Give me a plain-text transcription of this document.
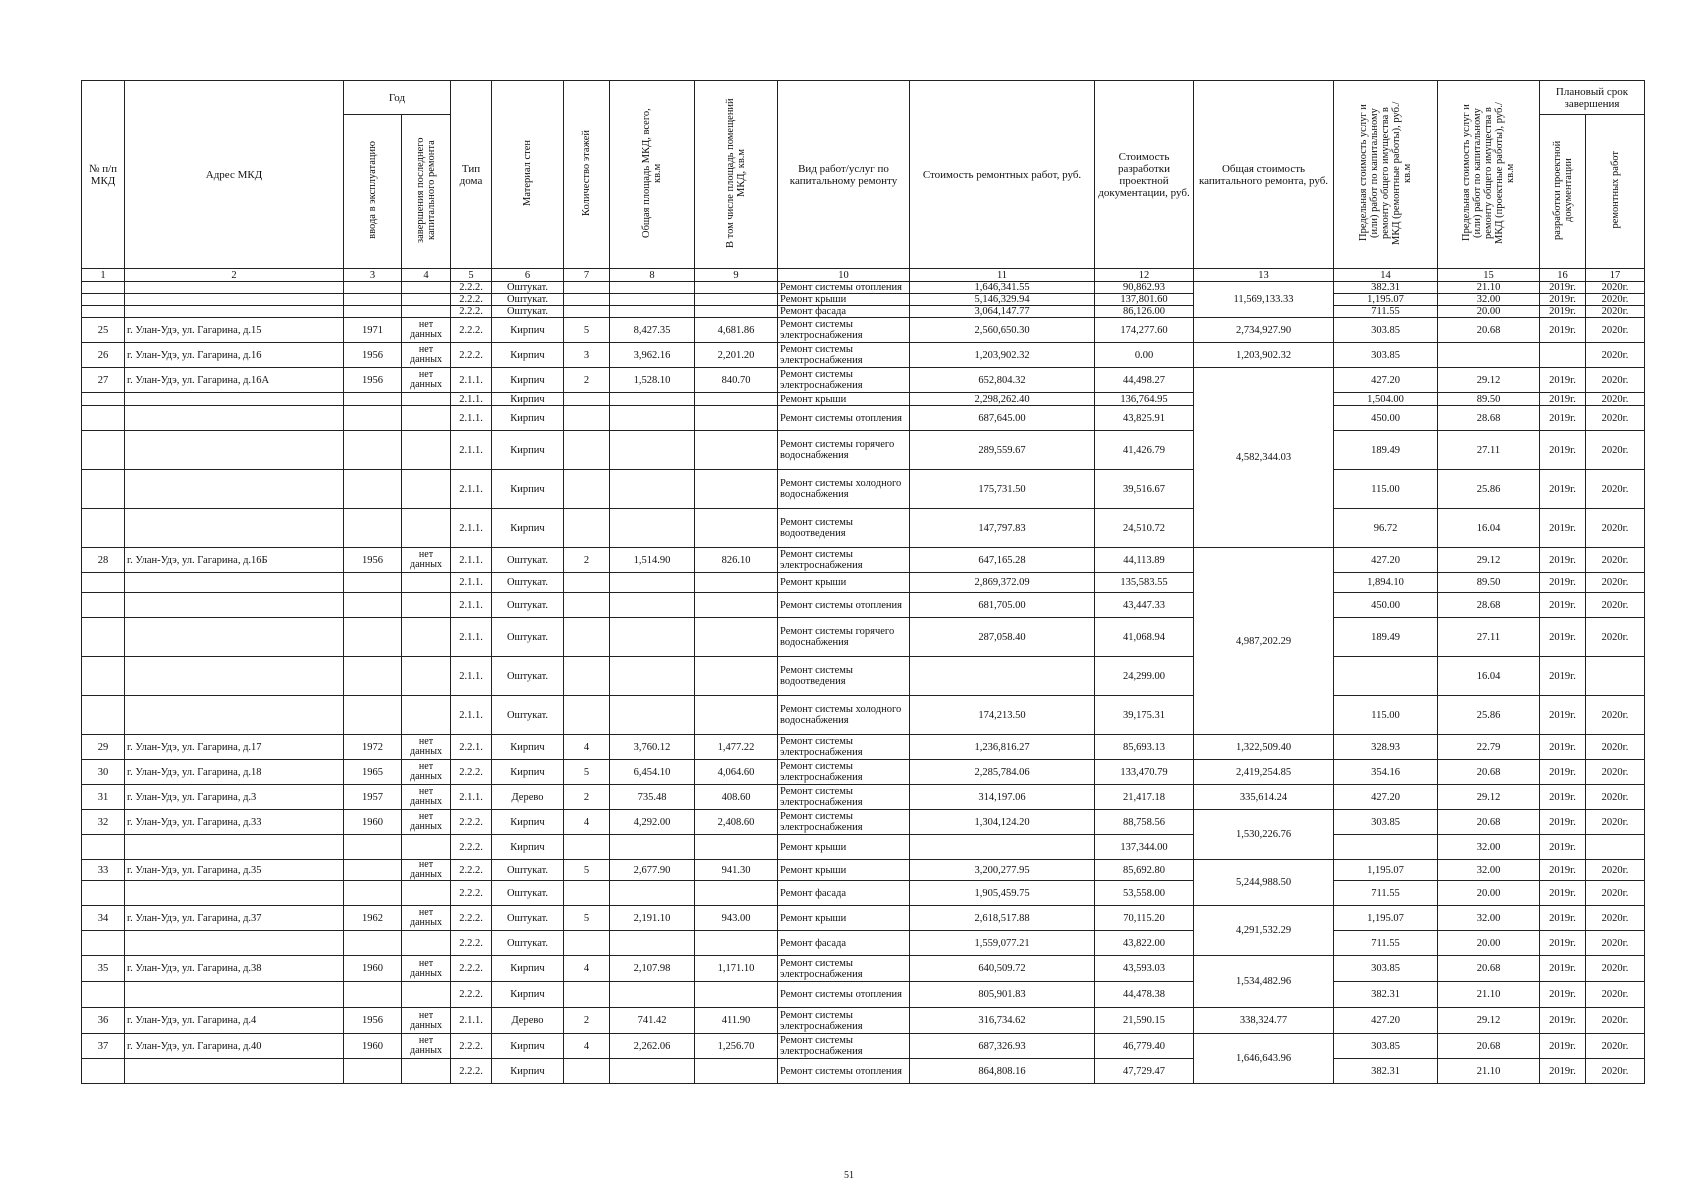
№ п/п МКД	Адрес МКД	Год		Тип дома	Материал стен	Количество этажей	Общая площадь МКД, всего, кв.м	В том числе площадь помещений МКД, кв.м	Вид работ/услуг по капитальному ремонту	Стоимость ремонтных работ, руб.	Стоимость разработки проектной документации, руб.	Общая стоимость капитального ремонта, руб.	Предельная стоимость услуг и (или) работ по капитальному ремонту общего имущества в МКД (ремонтные работы), руб./кв.м	Предельная стоимость услуг и (или) работ по капитальному ремонту общего имущества в МКД (проектные работы), руб./кв.м	Плановый срок завершения	
		ввода в эксплуатацию	завершения последнего капитального ремонта												разработки проектной документации	ремонтных работ
1	2	3	4	5	6	7	8	9	10	11	12	13	14	15	16	17
				2.2.2.	Оштукат.				Ремонт системы отопления	1,646,341.55	90,862.93	11,569,133.33	382.31	21.10	2019г.	2020г.
				2.2.2.	Оштукат.				Ремонт крыши	5,146,329.94	137,801.60		1,195.07	32.00	2019г.	2020г.
				2.2.2.	Оштукат.				Ремонт фасада	3,064,147.77	86,126.00		711.55	20.00	2019г.	2020г.
25	г. Улан-Удэ, ул. Гагарина, д.15	1971	нет данных	2.2.2.	Кирпич	5	8,427.35	4,681.86	Ремонт системы электроснабжения	2,560,650.30	174,277.60	2,734,927.90	303.85	20.68	2019г.	2020г.
26	г. Улан-Удэ, ул. Гагарина, д.16	1956	нет данных	2.2.2.	Кирпич	3	3,962.16	2,201.20	Ремонт системы электроснабжения	1,203,902.32	0.00	1,203,902.32	303.85			2020г.
27	г. Улан-Удэ, ул. Гагарина, д.16А	1956	нет данных	2.1.1.	Кирпич	2	1,528.10	840.70	Ремонт системы электроснабжения	652,804.32	44,498.27	4,582,344.03	427.20	29.12	2019г.	2020г.
				2.1.1.	Кирпич				Ремонт крыши	2,298,262.40	136,764.95		1,504.00	89.50	2019г.	2020г.
				2.1.1.	Кирпич				Ремонт системы отопления	687,645.00	43,825.91		450.00	28.68	2019г.	2020г.
				2.1.1.	Кирпич				Ремонт системы горячего водоснабжения	289,559.67	41,426.79		189.49	27.11	2019г.	2020г.
				2.1.1.	Кирпич				Ремонт системы холодного водоснабжения	175,731.50	39,516.67		115.00	25.86	2019г.	2020г.
				2.1.1.	Кирпич				Ремонт системы водоотведения	147,797.83	24,510.72		96.72	16.04	2019г.	2020г.
28	г. Улан-Удэ, ул. Гагарина, д.16Б	1956	нет данных	2.1.1.	Оштукат.	2	1,514.90	826.10	Ремонт системы электроснабжения	647,165.28	44,113.89	4,987,202.29	427.20	29.12	2019г.	2020г.
				2.1.1.	Оштукат.				Ремонт крыши	2,869,372.09	135,583.55		1,894.10	89.50	2019г.	2020г.
				2.1.1.	Оштукат.				Ремонт системы отопления	681,705.00	43,447.33		450.00	28.68	2019г.	2020г.
				2.1.1.	Оштукат.				Ремонт системы горячего водоснабжения	287,058.40	41,068.94		189.49	27.11	2019г.	2020г.
				2.1.1.	Оштукат.				Ремонт системы водоотведения		24,299.00			16.04	2019г.	
				2.1.1.	Оштукат.				Ремонт системы холодного водоснабжения	174,213.50	39,175.31		115.00	25.86	2019г.	2020г.
29	г. Улан-Удэ, ул. Гагарина, д.17	1972	нет данных	2.2.1.	Кирпич	4	3,760.12	1,477.22	Ремонт системы электроснабжения	1,236,816.27	85,693.13	1,322,509.40	328.93	22.79	2019г.	2020г.
30	г. Улан-Удэ, ул. Гагарина, д.18	1965	нет данных	2.2.2.	Кирпич	5	6,454.10	4,064.60	Ремонт системы электроснабжения	2,285,784.06	133,470.79	2,419,254.85	354.16	20.68	2019г.	2020г.
31	г. Улан-Удэ, ул. Гагарина, д.3	1957	нет данных	2.1.1.	Дерево	2	735.48	408.60	Ремонт системы электроснабжения	314,197.06	21,417.18	335,614.24	427.20	29.12	2019г.	2020г.
32	г. Улан-Удэ, ул. Гагарина, д.33	1960	нет данных	2.2.2.	Кирпич	4	4,292.00	2,408.60	Ремонт системы электроснабжения	1,304,124.20	88,758.56	1,530,226.76	303.85	20.68	2019г.	2020г.
				2.2.2.	Кирпич				Ремонт крыши		137,344.00			32.00	2019г.	
33	г. Улан-Удэ, ул. Гагарина, д.35		нет данных	2.2.2.	Оштукат.	5	2,677.90	941.30	Ремонт крыши	3,200,277.95	85,692.80	5,244,988.50	1,195.07	32.00	2019г.	2020г.
				2.2.2.	Оштукат.				Ремонт фасада	1,905,459.75	53,558.00		711.55	20.00	2019г.	2020г.
34	г. Улан-Удэ, ул. Гагарина, д.37	1962	нет данных	2.2.2.	Оштукат.	5	2,191.10	943.00	Ремонт крыши	2,618,517.88	70,115.20	4,291,532.29	1,195.07	32.00	2019г.	2020г.
				2.2.2.	Оштукат.				Ремонт фасада	1,559,077.21	43,822.00		711.55	20.00	2019г.	2020г.
35	г. Улан-Удэ, ул. Гагарина, д.38	1960	нет данных	2.2.2.	Кирпич	4	2,107.98	1,171.10	Ремонт системы электроснабжения	640,509.72	43,593.03	1,534,482.96	303.85	20.68	2019г.	2020г.
				2.2.2.	Кирпич				Ремонт системы отопления	805,901.83	44,478.38		382.31	21.10	2019г.	2020г.
36	г. Улан-Удэ, ул. Гагарина, д.4	1956	нет данных	2.1.1.	Дерево	2	741.42	411.90	Ремонт системы электроснабжения	316,734.62	21,590.15	338,324.77	427.20	29.12	2019г.	2020г.
37	г. Улан-Удэ, ул. Гагарина, д.40	1960	нет данных	2.2.2.	Кирпич	4	2,262.06	1,256.70	Ремонт системы электроснабжения	687,326.93	46,779.40	1,646,643.96	303.85	20.68	2019г.	2020г.
				2.2.2.	Кирпич				Ремонт системы отопления	864,808.16	47,729.47		382.31	21.10	2019г.	2020г.
51
